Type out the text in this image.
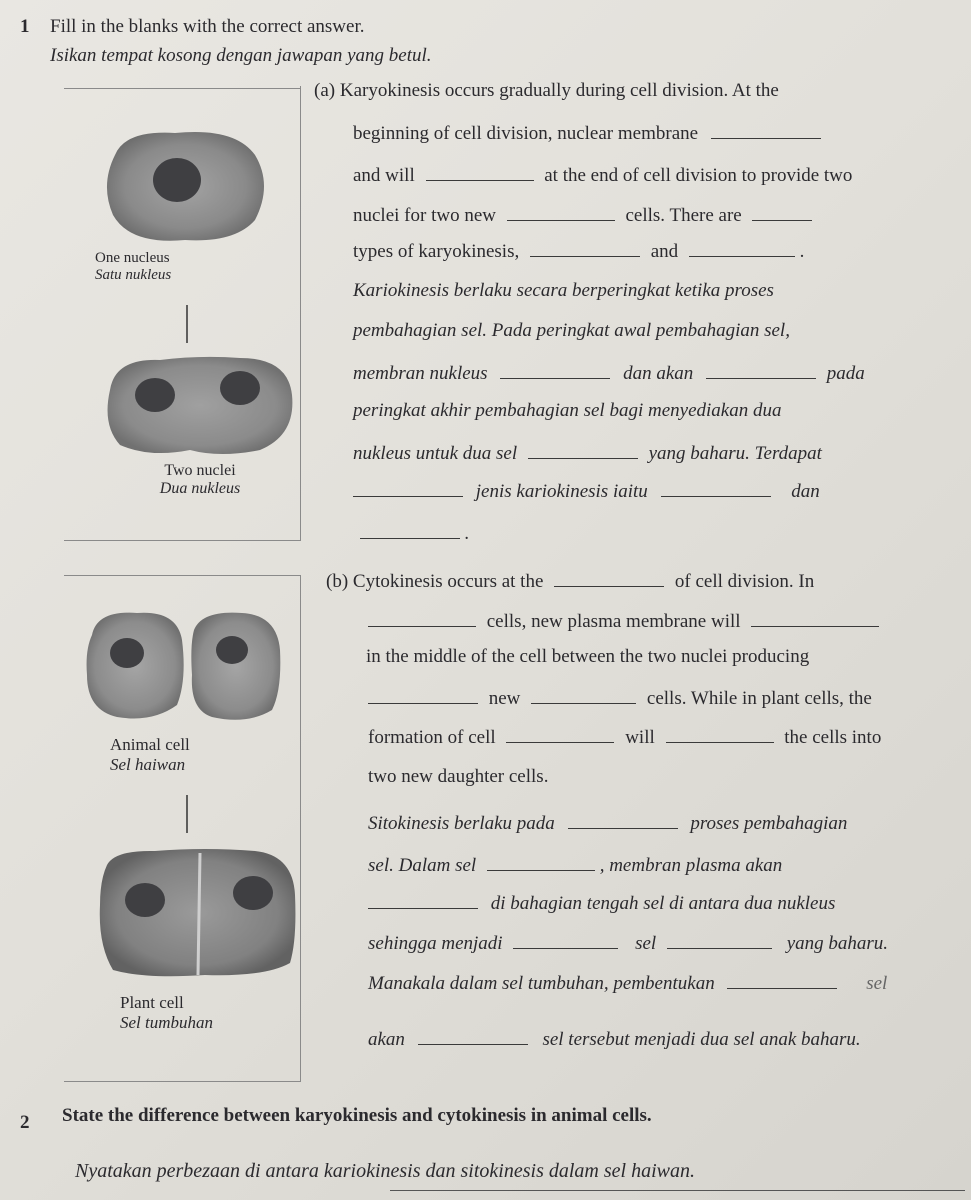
1 Fill in the blanks with the correct answer.
Isikan tempat kosong dengan jawapan yang betul.
One nucleus
Satu nukleus
Two nuclei
Dua nukleus
(a) Karyokinesis occurs gradually during cell division. At the
beginning of cell division, nuclear membrane
and will	at the end of cell division to provide two
nuclei for two new	cells. There are
types of karyokinesis,	and	.
Kariokinesis berlaku secara berperingkat ketika proses
pembahagian sel. Pada peringkat awal pembahagian sel,
membran nukleus	dan akan	pada
peringkat akhir pembahagian sel bagi menyediakan dua
nukleus untuk dua sel	yang baharu. Terdapat
jenis kariokinesis iaitu	dan
.
Animal cell
Sel haiwan
Plant cell
Sel tumbuhan
(b) Cytokinesis occurs at the	of cell division. In
cells, new plasma membrane will
in the middle of the cell between the two nuclei producing
new	cells. While in plant cells, the
formation of cell	will	the cells into
two new daughter cells.
Sitokinesis berlaku pada	proses pembahagian
sel. Dalam sel	, membran plasma akan
di bahagian tengah sel di antara dua nukleus
sehingga menjadi	sel	yang baharu.
Manakala dalam sel tumbuhan, pembentukan	sel
akan	sel tersebut menjadi dua sel anak baharu.
2 State the difference between karyokinesis and cytokinesis in animal cells.
Nyatakan perbezaan di antara kariokinesis dan sitokinesis dalam sel haiwan.
